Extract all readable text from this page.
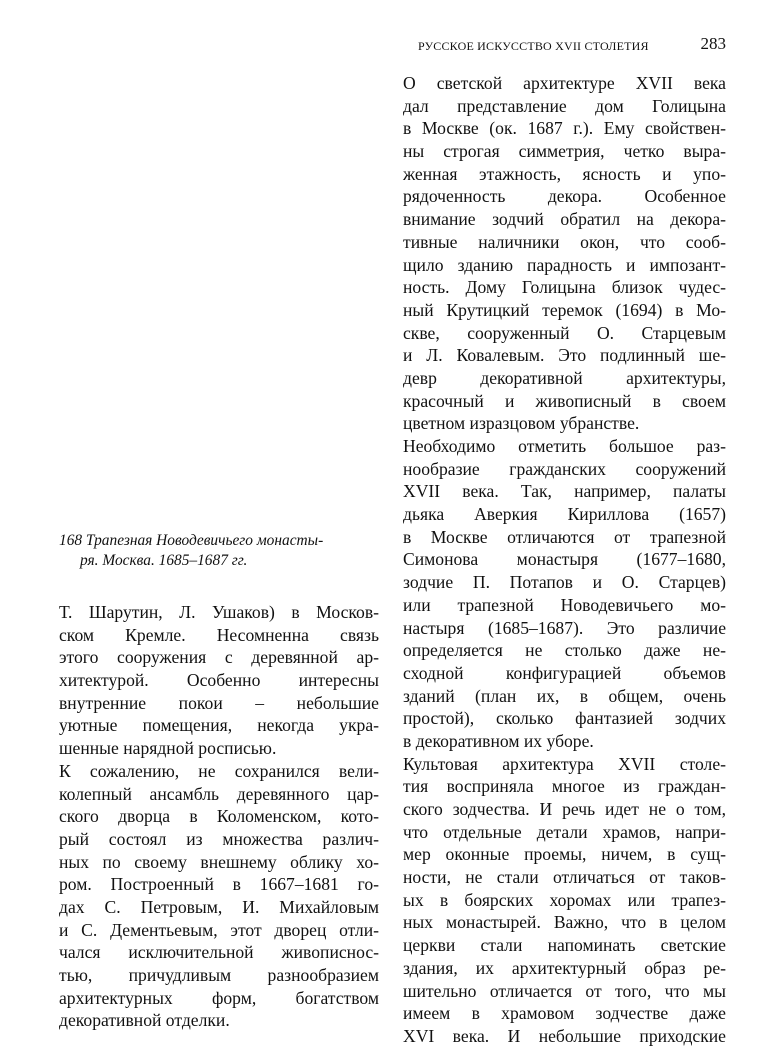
РУССКОЕ ИСКУССТВО XVII СТОЛЕТИЯ	283
О светской архитектуре XVII века
дал представление дом Голицына
в Москве (ок. 1687 г.). Ему свойствен-
ны строгая симметрия, четко выра-
женная этажность, ясность и упо-
рядоченность декора. Особенное
внимание зодчий обратил на декора-
тивные наличники окон, что сооб-
щило зданию парадность и импозант-
ность. Дому Голицына близок чудес-
ный Крутицкий теремок (1694) в Мо-
скве, сооруженный О. Старцевым
и Л. Ковалевым. Это подлинный ше-
девр декоративной архитектуры,
красочный и живописный в своем
цветном изразцовом убранстве.
Необходимо отметить большое раз-
нообразие гражданских сооружений
XVII века. Так, например, палаты
дьяка Аверкия Кириллова (1657)
в Москве отличаются от трапезной
Симонова монастыря (1677–1680,
зодчие П. Потапов и О. Старцев)
или трапезной Новодевичьего мо-
настыря (1685–1687). Это различие
определяется не столько даже не-
сходной конфигурацией объемов
зданий (план их, в общем, очень
простой), сколько фантазией зодчих
в декоративном их уборе.
Культовая архитектура XVII столе-
тия восприняла многое из граждан-
ского зодчества. И речь идет не о том,
что отдельные детали храмов, напри-
мер оконные проемы, ничем, в сущ-
ности, не стали отличаться от таков-
ых в боярских хоромах или трапез-
ных монастырей. Важно, что в целом
церкви стали напоминать светские
здания, их архитектурный образ ре-
шительно отличается от того, что мы
имеем в храмовом зодчестве даже
XVI века. И небольшие приходские
168 Трапезная Новодевичьего монасты-
ря. Москва. 1685–1687 гг.
Т. Шарутин, Л. Ушаков) в Москов-
ском Кремле. Несомненна связь
этого сооружения с деревянной ар-
хитектурой. Особенно интересны
внутренние покои – небольшие
уютные помещения, некогда укра-
шенные нарядной росписью.
К сожалению, не сохранился вели-
колепный ансамбль деревянного цар-
ского дворца в Коломенском, кото-
рый состоял из множества различ-
ных по своему внешнему облику хо-
ром. Построенный в 1667–1681 го-
дах С. Петровым, И. Михайловым
и С. Дементьевым, этот дворец отли-
чался исключительной живописнос-
тью, причудливым разнообразием
архитектурных форм, богатством
декоративной отделки.
